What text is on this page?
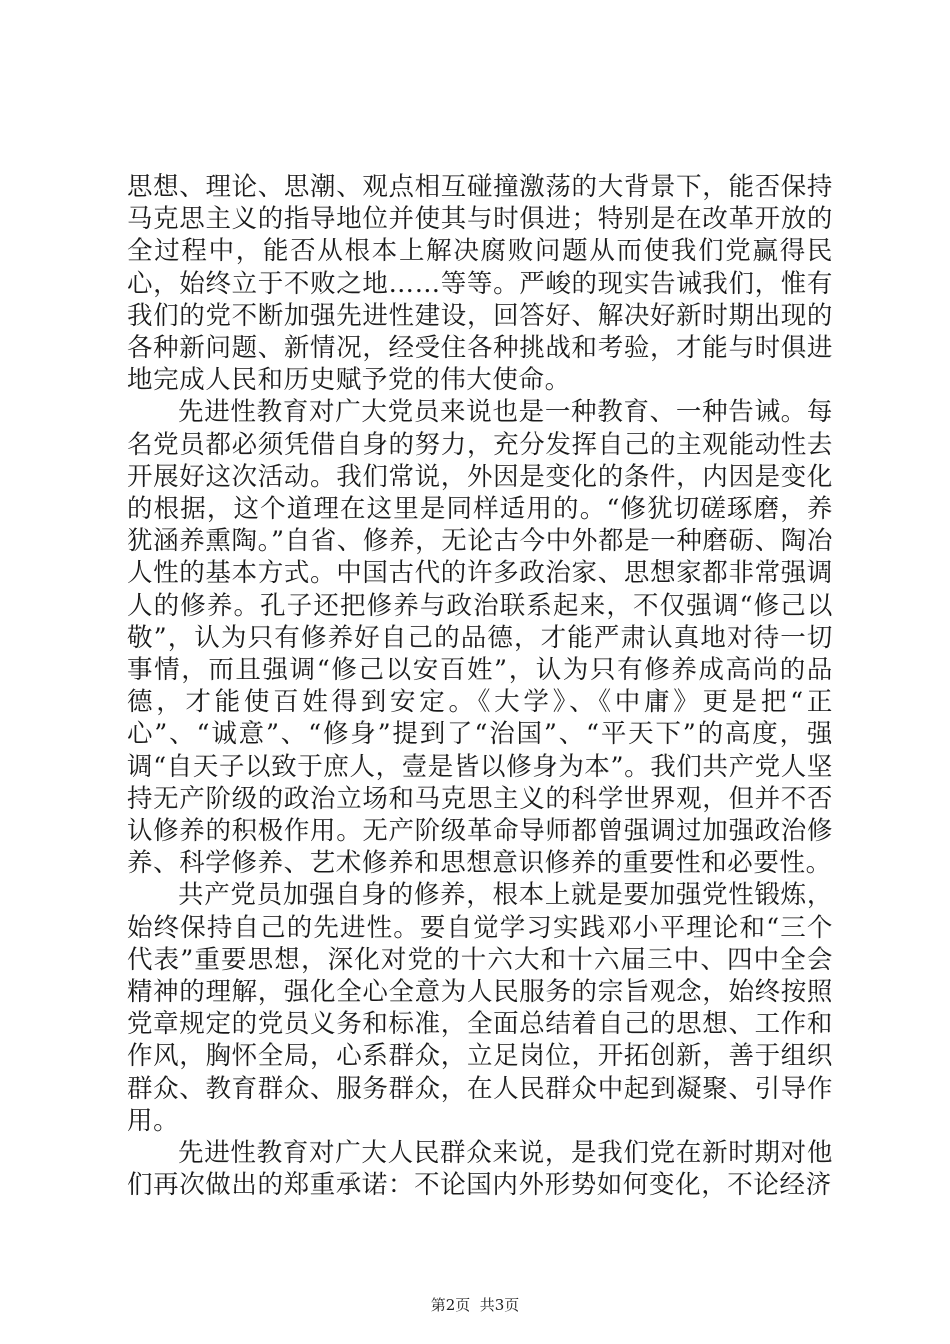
思想、理论、思潮、观点相互碰撞激荡的大背景下，能否保持马克思主义的指导地位并使其与时俱进；特别是在改革开放的全过程中，能否从根本上解决腐败问题从而使我们党赢得民心，始终立于不败之地……等等。严峻的现实告诫我们，惟有我们的党不断加强先进性建设，回答好、解决好新时期出现的各种新问题、新情况，经受住各种挑战和考验，才能与时俱进地完成人民和历史赋予党的伟大使命。

先进性教育对广大党员来说也是一种教育、一种告诫。每名党员都必须凭借自身的努力，充分发挥自己的主观能动性去开展好这次活动。我们常说，外因是变化的条件，内因是变化的根据，这个道理在这里是同样适用的。“修犹切磋琢磨，养犹涵养熏陶。”自省、修养，无论古今中外都是一种磨砺、陶冶人性的基本方式。中国古代的许多政治家、思想家都非常强调人的修养。孔子还把修养与政治联系起来，不仅强调“修己以敬”，认为只有修养好自己的品德，才能严肃认真地对待一切事情，而且强调“修己以安百姓”，认为只有修养成高尚的品德，才能使百姓得到安定。《大学》、《中庸》更是把“正心”、“诚意”、“修身”提到了“治国”、“平天下”的高度，强调“自天子以致于庶人，壹是皆以修身为本”。我们共产党人坚持无产阶级的政治立场和马克思主义的科学世界观，但并不否认修养的积极作用。无产阶级革命导师都曾强调过加强政治修养、科学修养、艺术修养和思想意识修养的重要性和必要性。

共产党员加强自身的修养，根本上就是要加强党性锻炼，始终保持自己的先进性。要自觉学习实践邓小平理论和“三个代表”重要思想，深化对党的十六大和十六届三中、四中全会精神的理解，强化全心全意为人民服务的宗旨观念，始终按照党章规定的党员义务和标准，全面总结着自己的思想、工作和作风，胸怀全局，心系群众，立足岗位，开拓创新，善于组织群众、教育群众、服务群众，在人民群众中起到凝聚、引导作用。

先进性教育对广大人民群众来说，是我们党在新时期对他们再次做出的郑重承诺：不论国内外形势如何变化，不论经济

第2页  共3页
